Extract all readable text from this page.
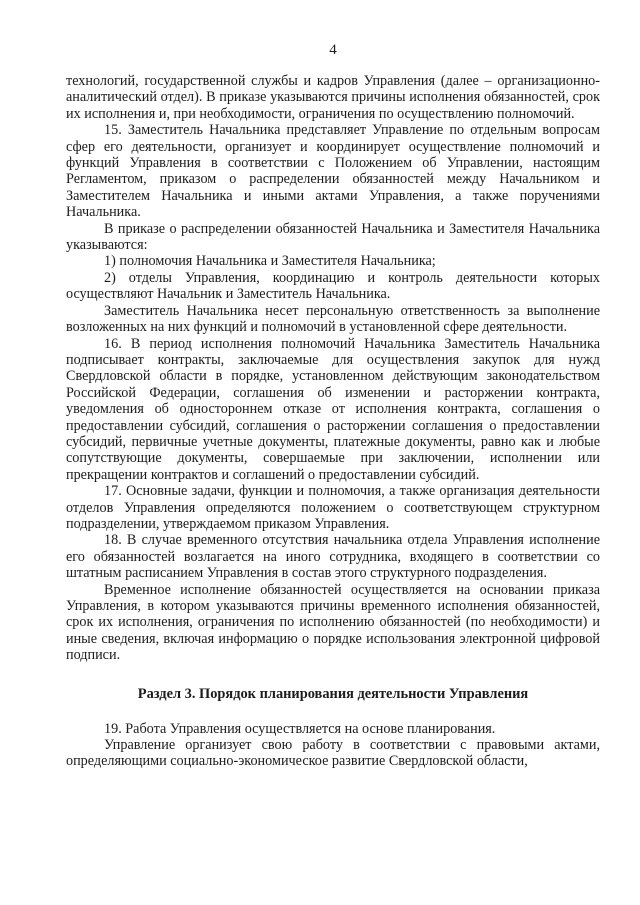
4

технологий, государственной службы и кадров Управления (далее – организационно-аналитический отдел). В приказе указываются причины исполнения обязанностей, срок их исполнения и, при необходимости, ограничения по осуществлению полномочий.

15. Заместитель Начальника представляет Управление по отдельным вопросам сфер его деятельности, организует и координирует осуществление полномочий и функций Управления в соответствии с Положением об Управлении, настоящим Регламентом, приказом о распределении обязанностей между Начальником и Заместителем Начальника и иными актами Управления, а также поручениями Начальника.

В приказе о распределении обязанностей Начальника и Заместителя Начальника указываются:

1) полномочия Начальника и Заместителя Начальника;

2) отделы Управления, координацию и контроль деятельности которых осуществляют Начальник и Заместитель Начальника.

Заместитель Начальника несет персональную ответственность за выполнение возложенных на них функций и полномочий в установленной сфере деятельности.

16. В период исполнения полномочий Начальника Заместитель Начальника подписывает контракты, заключаемые для осуществления закупок для нужд Свердловской области в порядке, установленном действующим законодательством Российской Федерации, соглашения об изменении и расторжении контракта, уведомления об одностороннем отказе от исполнения контракта, соглашения о предоставлении субсидий, соглашения о расторжении соглашения о предоставлении субсидий, первичные учетные документы, платежные документы, равно как и любые сопутствующие документы, совершаемые при заключении, исполнении или прекращении контрактов и соглашений о предоставлении субсидий.

17. Основные задачи, функции и полномочия, а также организация деятельности отделов Управления определяются положением о соответствующем структурном подразделении, утверждаемом приказом Управления.

18. В случае временного отсутствия начальника отдела Управления исполнение его обязанностей возлагается на иного сотрудника, входящего в соответствии со штатным расписанием Управления в состав этого структурного подразделения.

Временное исполнение обязанностей осуществляется на основании приказа Управления, в котором указываются причины временного исполнения обязанностей, срок их исполнения, ограничения по исполнению обязанностей (по необходимости) и иные сведения, включая информацию о порядке использования электронной цифровой подписи.

Раздел 3. Порядок планирования деятельности Управления

19. Работа Управления осуществляется на основе планирования.

Управление организует свою работу в соответствии с правовыми актами, определяющими социально-экономическое развитие Свердловской области,
